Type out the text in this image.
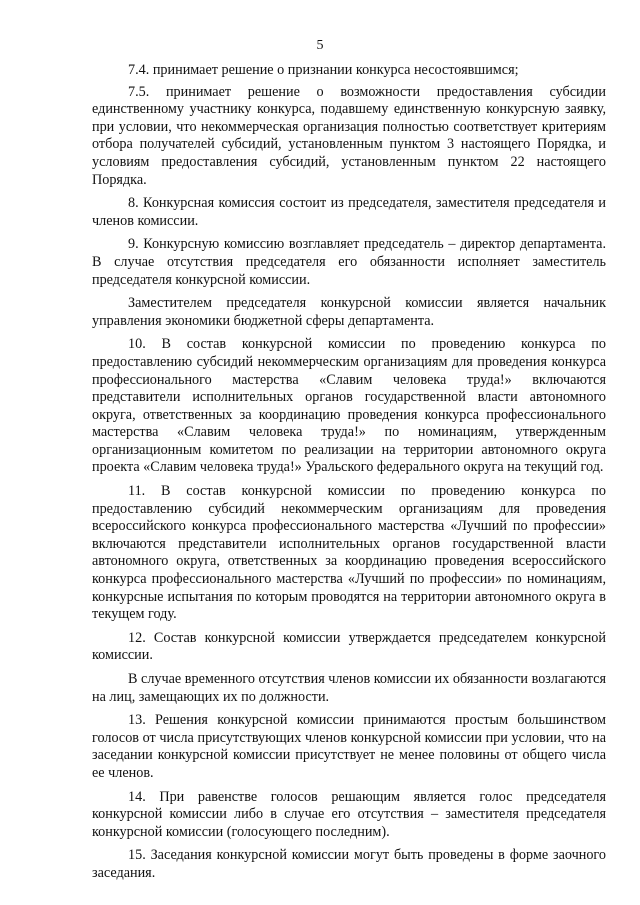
5

7.4. принимает решение о признании конкурса несостоявшимся;

7.5. принимает решение о возможности предоставления субсидии единственному участнику конкурса, подавшему единственную конкурсную заявку, при условии, что некоммерческая организация полностью соответствует критериям отбора получателей субсидий, установленным пунктом 3 настоящего Порядка, и условиям предоставления субсидий, установленным пунктом 22 настоящего Порядка.

8. Конкурсная комиссия состоит из председателя, заместителя председателя и членов комиссии.

9. Конкурсную комиссию возглавляет председатель – директор департамента. В случае отсутствия председателя его обязанности исполняет заместитель председателя конкурсной комиссии.

Заместителем председателя конкурсной комиссии является начальник управления экономики бюджетной сферы департамента.

10. В состав конкурсной комиссии по проведению конкурса по предоставлению субсидий некоммерческим организациям для проведения конкурса профессионального мастерства «Славим человека труда!» включаются представители исполнительных органов государственной власти автономного округа, ответственных за координацию проведения конкурса профессионального мастерства «Славим человека труда!» по номинациям, утвержденным организационным комитетом по реализации на территории автономного округа проекта «Славим человека труда!» Уральского федерального округа на текущий год.

11. В состав конкурсной комиссии по проведению конкурса по предоставлению субсидий некоммерческим организациям для проведения всероссийского конкурса профессионального мастерства «Лучший по профессии» включаются представители исполнительных органов государственной власти автономного округа, ответственных за координацию проведения всероссийского конкурса профессионального мастерства «Лучший по профессии» по номинациям, конкурсные испытания по которым проводятся на территории автономного округа в текущем году.

12. Состав конкурсной комиссии утверждается председателем конкурсной комиссии.

В случае временного отсутствия членов комиссии их обязанности возлагаются на лиц, замещающих их по должности.

13. Решения конкурсной комиссии принимаются простым большинством голосов от числа присутствующих членов конкурсной комиссии при условии, что на заседании конкурсной комиссии присутствует не менее половины от общего числа ее членов.

14. При равенстве голосов решающим является голос председателя конкурсной комиссии либо в случае его отсутствия – заместителя председателя конкурсной комиссии (голосующего последним).

15. Заседания конкурсной комиссии могут быть проведены в форме заочного заседания.
